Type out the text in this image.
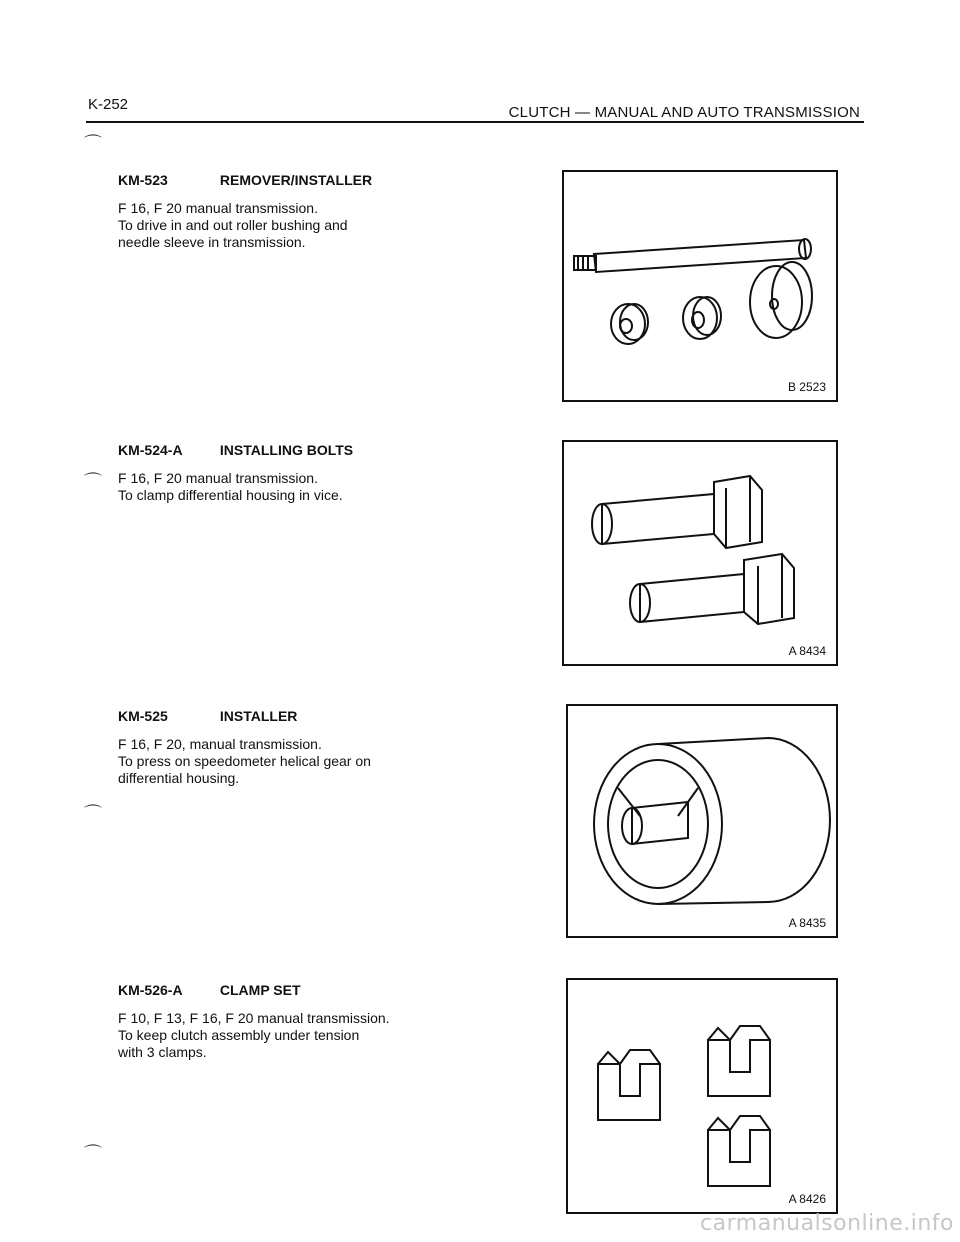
K-252	CLUTCH — MANUAL AND AUTO TRANSMISSION
⌒
⌒
⌒
⌒
KM-523	REMOVER/INSTALLER
F 16, F 20 manual transmission.
To drive in and out roller bushing and
needle sleeve in transmission.
B 2523
KM-524-A	INSTALLING BOLTS
F 16, F 20 manual transmission.
To clamp differential housing in vice.
A 8434
KM-525	INSTALLER
F 16, F 20, manual transmission.
To press on speedometer helical gear on
differential housing.
A 8435
KM-526-A	CLAMP SET
F 10, F 13, F 16, F 20 manual transmission.
To keep clutch assembly under tension
with 3 clamps.
A 8426
carmanualsonline.info
